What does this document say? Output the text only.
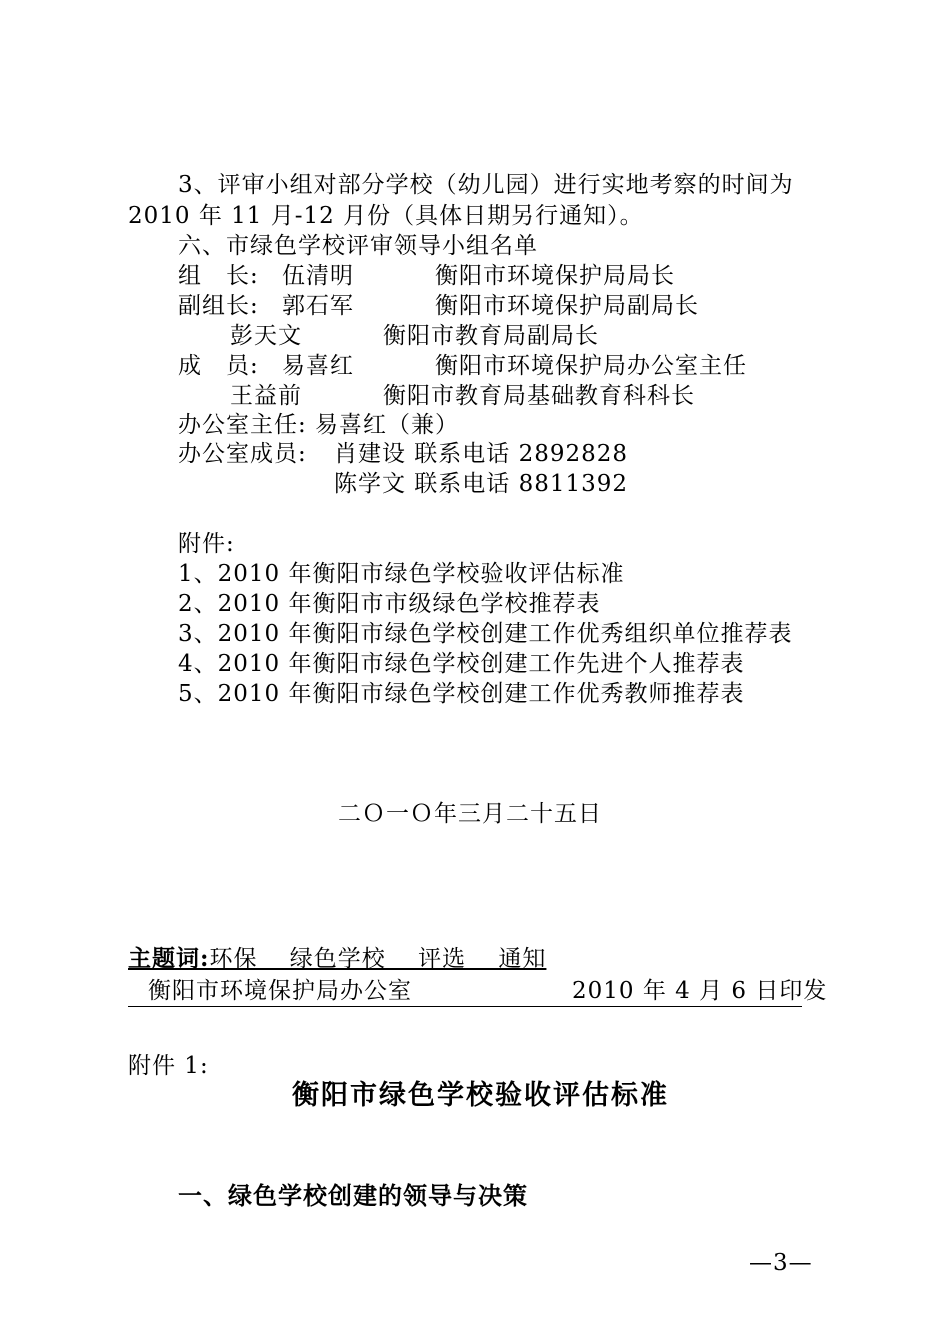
3、评审小组对部分学校（幼儿园）进行实地考察的时间为
2010 年 11 月-12 月份（具体日期另行通知）。
六、市绿色学校评审领导小组名单
组　长: 伍清明	衡阳市环境保护局局长
副组长: 郭石军	衡阳市环境保护局副局长
彭天文	衡阳市教育局副局长
成　员: 易喜红	衡阳市环境保护局办公室主任
王益前	衡阳市教育局基础教育科科长
办公室主任: 易喜红（兼）
办公室成员: 肖建设 联系电话 2892828
陈学文 联系电话 8811392
附件:
1、2010 年衡阳市绿色学校验收评估标准
2、2010 年衡阳市市级绿色学校推荐表
3、2010 年衡阳市绿色学校创建工作优秀组织单位推荐表
4、2010 年衡阳市绿色学校创建工作先进个人推荐表
5、2010 年衡阳市绿色学校创建工作优秀教师推荐表
二Ｏ一Ｏ年三月二十五日
主题词:环保　 绿色学校　 评选　 通知
衡阳市环境保护局办公室	2010 年 4 月 6 日印发
附件 1:
衡阳市绿色学校验收评估标准
一、绿色学校创建的领导与决策
—3—
